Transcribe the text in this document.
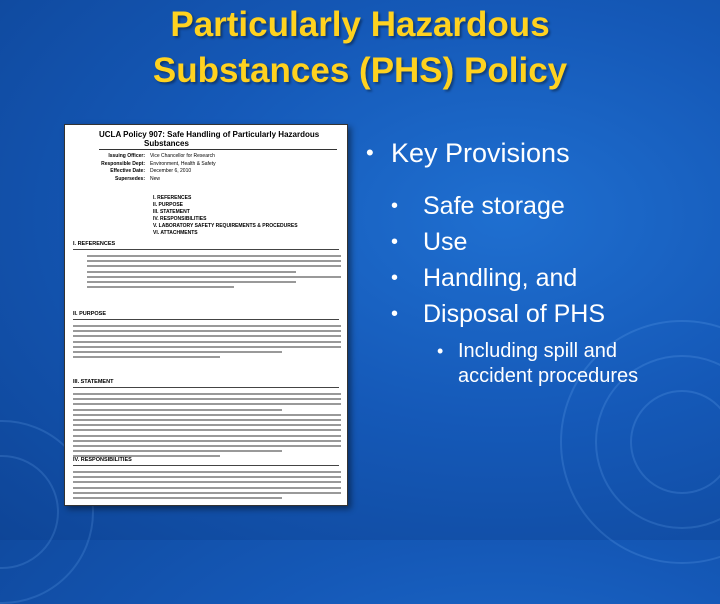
Particularly Hazardous
Substances (PHS) Policy
UCLA Policy 907: Safe Handling of Particularly Hazardous
Substances
Issuing Officer:	Vice Chancellor for Research
Responsible Dept:	Environment, Health & Safety
Effective Date:	December 6, 2010
Supersedes:	New
I. REFERENCES
II. PURPOSE
III. STATEMENT
IV. RESPONSIBILITIES
V. LABORATORY SAFETY REQUIREMENTS & PROCEDURES
VI. ATTACHMENTS
I. REFERENCES
II. PURPOSE
III. STATEMENT
IV. RESPONSIBILITIES
• Key Provisions
• Safe storage
• Use
• Handling, and
• Disposal of PHS
• Including spill and accident procedures
